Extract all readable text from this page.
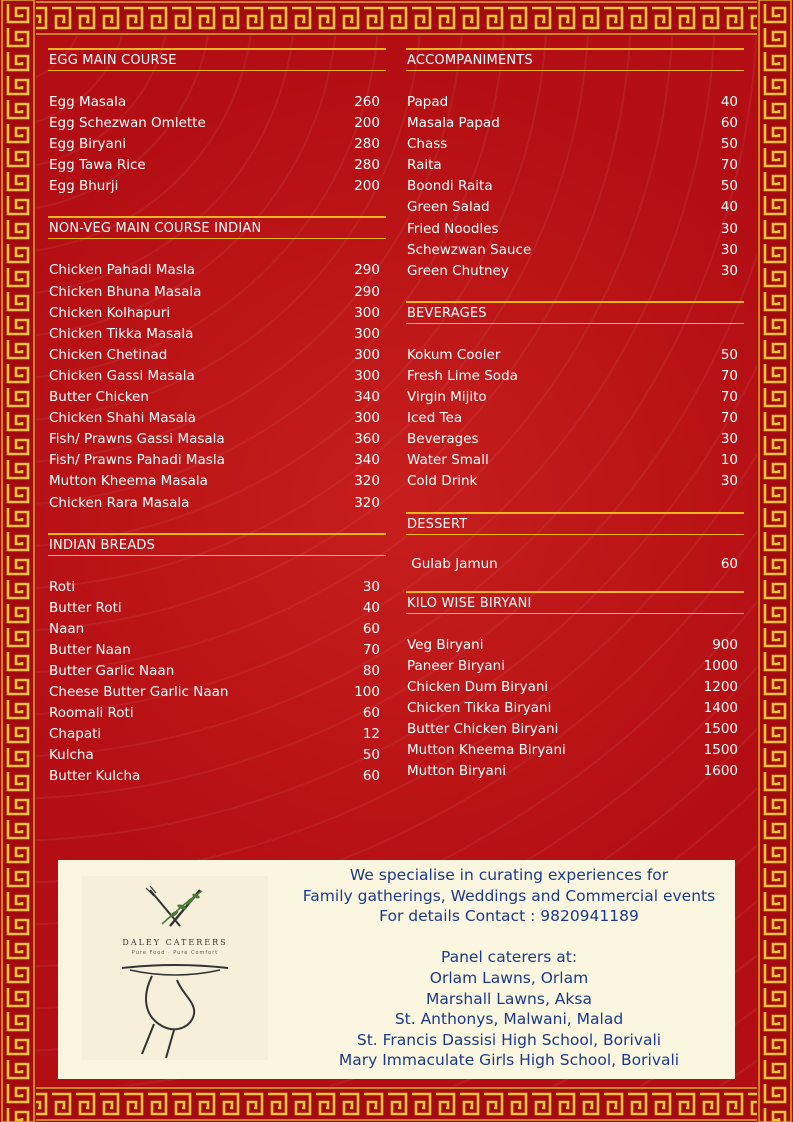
EGG MAIN COURSE
Egg Masala	260
Egg Schezwan Omlette	200
Egg Biryani	280
Egg Tawa Rice	280
Egg Bhurji	200
NON-VEG MAIN COURSE INDIAN
Chicken Pahadi Masla	290
Chicken Bhuna Masala	290
Chicken Kolhapuri	300
Chicken Tikka Masala	300
Chicken Chetinad	300
Chicken Gassi Masala	300
Butter Chicken	340
Chicken Shahi Masala	300
Fish/ Prawns Gassi Masala	360
Fish/ Prawns Pahadi Masla	340
Mutton Kheema Masala	320
Chicken Rara Masala	320
INDIAN BREADS
Roti	30
Butter Roti	40
Naan	60
Butter Naan	70
Butter Garlic Naan	80
Cheese Butter Garlic Naan	100
Roomali Roti	60
Chapati	12
Kulcha	50
Butter Kulcha	60
ACCOMPANIMENTS
Papad	40
Masala Papad	60
Chass	50
Raita	70
Boondi Raita	50
Green Salad	40
Fried Noodles	30
Schewzwan Sauce	30
Green Chutney	30
BEVERAGES
Kokum Cooler	50
Fresh Lime Soda	70
Virgin Mijito	70
Iced Tea	70
Beverages	30
Water Small	10
Cold Drink	30
DESSERT
Gulab Jamun	60
KILO WISE BIRYANI
Veg Biryani	900
Paneer Biryani	1000
Chicken Dum Biryani	1200
Chicken Tikka Biryani	1400
Butter Chicken Biryani	1500
Mutton Kheema Biryani	1500
Mutton Biryani	1600
DALEY CATERERS
Pure Food · Pure Comfort
We specialise in curating experiences for
Family gatherings, Weddings and Commercial events
For details Contact : 9820941189
Panel caterers at:
Orlam Lawns, Orlam
Marshall Lawns, Aksa
St. Anthonys, Malwani, Malad
St. Francis Dassisi High School, Borivali
Mary Immaculate Girls High School, Borivali
